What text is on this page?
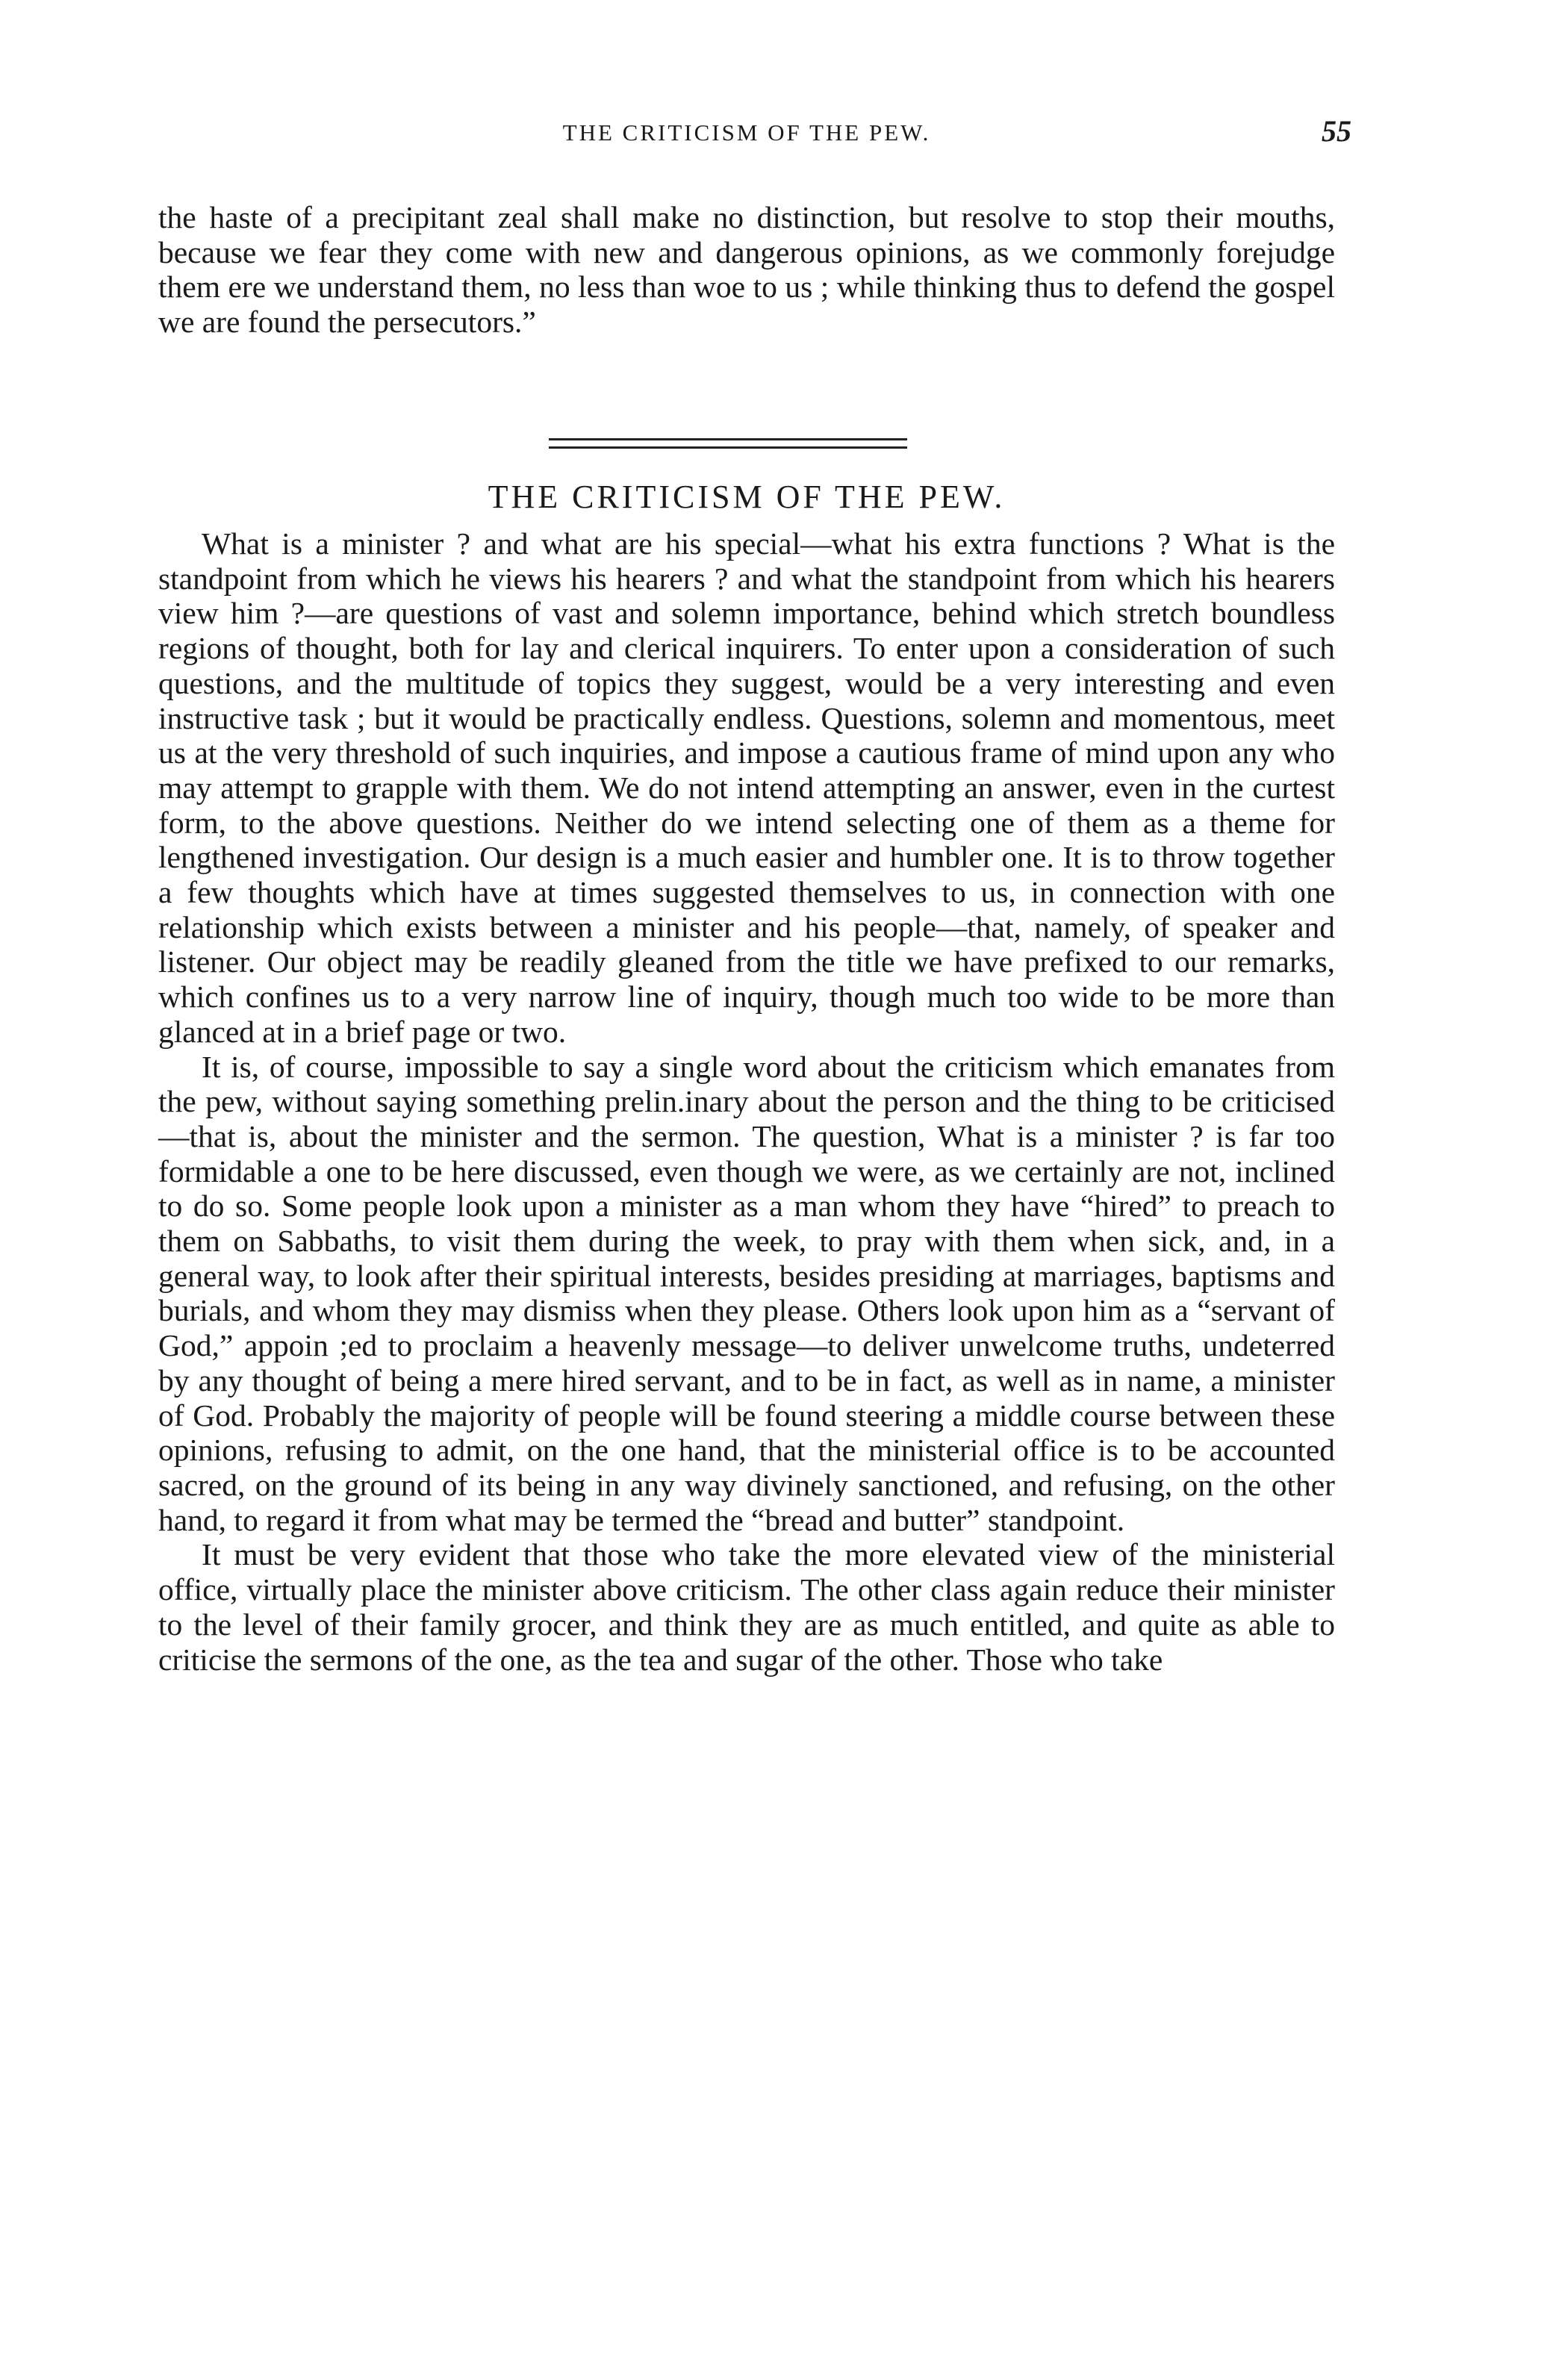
THE CRITICISM OF THE PEW.	55

the haste of a precipitant zeal shall make no distinction, but resolve to stop their mouths, because we fear they come with new and dangerous opinions, as we commonly forejudge them ere we understand them, no less than woe to us ; while thinking thus to defend the gospel we are found the persecutors.”

THE CRITICISM OF THE PEW.

What is a minister ? and what are his special—what his extra functions ? What is the standpoint from which he views his hearers ? and what the standpoint from which his hearers view him ?—are questions of vast and solemn importance, behind which stretch boundless regions of thought, both for lay and clerical inquirers. To enter upon a consideration of such questions, and the multitude of topics they suggest, would be a very interesting and even instructive task ; but it would be practically endless. Questions, solemn and momentous, meet us at the very threshold of such inquiries, and impose a cautious frame of mind upon any who may attempt to grapple with them. We do not intend attempting an answer, even in the curtest form, to the above questions. Neither do we intend selecting one of them as a theme for lengthened investigation. Our design is a much easier and humbler one. It is to throw together a few thoughts which have at times suggested themselves to us, in connection with one relationship which exists between a minister and his people—that, namely, of speaker and listener. Our object may be readily gleaned from the title we have prefixed to our remarks, which confines us to a very narrow line of inquiry, though much too wide to be more than glanced at in a brief page or two.

It is, of course, impossible to say a single word about the criticism which emanates from the pew, without saying something prelin.inary about the person and the thing to be criticised—that is, about the minister and the sermon. The question, What is a minister ? is far too formidable a one to be here discussed, even though we were, as we certainly are not, inclined to do so. Some people look upon a minister as a man whom they have “hired” to preach to them on Sabbaths, to visit them during the week, to pray with them when sick, and, in a general way, to look after their spiritual interests, besides presiding at marriages, baptisms and burials, and whom they may dismiss when they please. Others look upon him as a “servant of God,” appoin ;ed to proclaim a heavenly message—to deliver unwelcome truths, undeterred by any thought of being a mere hired servant, and to be in fact, as well as in name, a minister of God. Probably the majority of people will be found steering a middle course between these opinions, refusing to admit, on the one hand, that the ministerial office is to be accounted sacred, on the ground of its being in any way divinely sanctioned, and refusing, on the other hand, to regard it from what may be termed the “bread and butter” standpoint.

It must be very evident that those who take the more elevated view of the ministerial office, virtually place the minister above criticism. The other class again reduce their minister to the level of their family grocer, and think they are as much entitled, and quite as able to criticise the sermons of the one, as the tea and sugar of the other. Those who take
